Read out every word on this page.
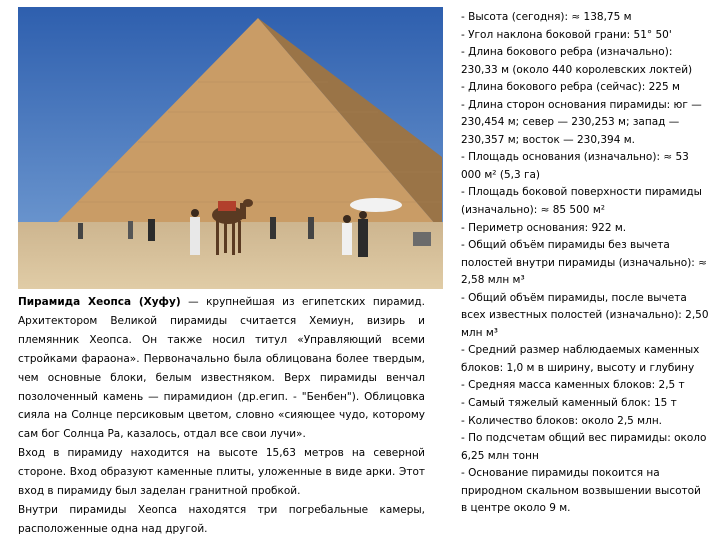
Пирамида Хеопса (Хуфу) — крупнейшая из египетских пирамид. Архитектором Великой пирамиды считается Хемиун, визирь и племянник Хеопса. Он также носил титул «Управляющий всеми стройками фараона». Первоначально была облицована более твердым, чем основные блоки, белым известняком. Верх пирамиды венчал позолоченный камень — пирамидион (др.егип. - "Бенбен"). Облицовка сияла на Солнце персиковым цветом, словно «сияющее чудо, которому сам бог Солнца Ра, казалось, отдал все свои лучи».

Вход в пирамиду находится на высоте 15,63 метров на северной стороне. Вход образуют каменные плиты, уложенные в виде арки. Этот вход в пирамиду был заделан гранитной пробкой.

Внутри пирамиды Хеопса находятся три погребальные камеры, расположенные одна над другой.

- Высота (сегодня): ≈ 138,75 м
- Угол наклона боковой грани: 51° 50'
- Длина бокового ребра (изначально): 230,33 м (около 440 королевских локтей)
- Длина бокового ребра (сейчас): 225 м
- Длина сторон основания пирамиды: юг — 230,454 м; север — 230,253 м; запад — 230,357 м; восток — 230,394 м.
- Площадь основания (изначально): ≈ 53 000 м² (5,3 га)
- Площадь боковой поверхности пирамиды (изначально): ≈ 85 500 м²
- Периметр основания: 922 м.
- Общий объём пирамиды без вычета полостей внутри пирамиды (изначально): ≈ 2,58 млн м³
- Общий объём пирамиды, после вычета всех известных полостей (изначально): 2,50 млн м³
- Средний размер наблюдаемых каменных блоков: 1,0 м в ширину, высоту и глубину
- Средняя масса каменных блоков: 2,5 т
- Самый тяжелый каменный блок: 15 т
- Количество блоков: около 2,5 млн.
- По подсчетам общий вес пирамиды: около 6,25 млн тонн
- Основание пирамиды покоится на природном скальном возвышении высотой в центре около 9 м.
